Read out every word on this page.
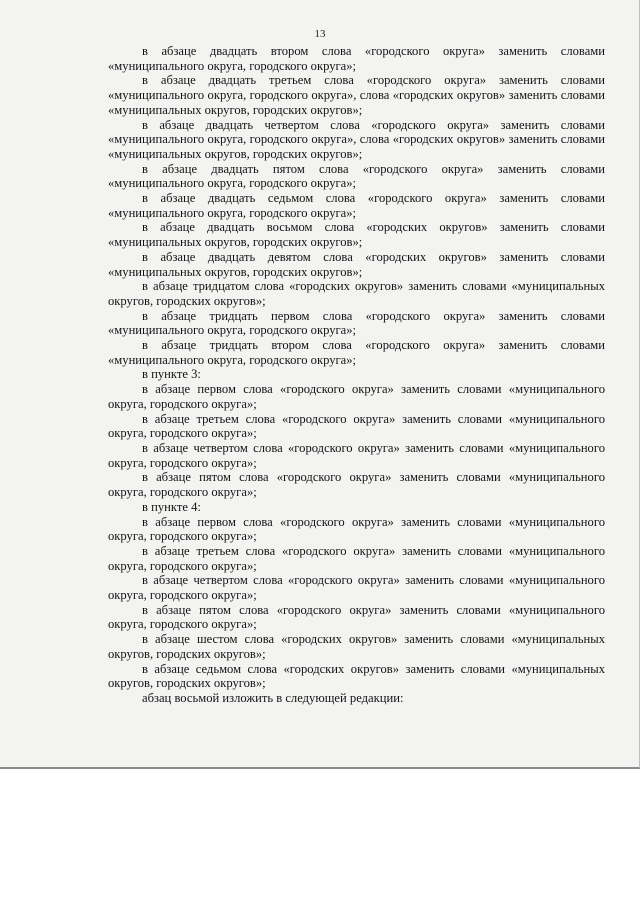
13

в абзаце двадцать втором слова «городского округа» заменить словами «муниципального округа, городского округа»;

в абзаце двадцать третьем слова «городского округа» заменить словами «муниципального округа, городского округа», слова «городских округов» заменить словами «муниципальных округов, городских округов»;

в абзаце двадцать четвертом слова «городского округа» заменить словами «муниципального округа, городского округа», слова «городских округов» заменить словами «муниципальных округов, городских округов»;

в абзаце двадцать пятом слова «городского округа» заменить словами «муниципального округа, городского округа»;

в абзаце двадцать седьмом слова «городского округа» заменить словами «муниципального округа, городского округа»;

в абзаце двадцать восьмом слова «городских округов» заменить словами «муниципальных округов, городских округов»;

в абзаце двадцать девятом слова «городских округов» заменить словами «муниципальных округов, городских округов»;

в абзаце тридцатом слова «городских округов» заменить словами «муниципальных округов, городских округов»;

в абзаце тридцать первом слова «городского округа» заменить словами «муниципального округа, городского округа»;

в абзаце тридцать втором слова «городского округа» заменить словами «муниципального округа, городского округа»;

в пункте 3:

в абзаце первом слова «городского округа» заменить словами «муниципального округа, городского округа»;

в абзаце третьем слова «городского округа» заменить словами «муниципального округа, городского округа»;

в абзаце четвертом слова «городского округа» заменить словами «муниципального округа, городского округа»;

в абзаце пятом слова «городского округа» заменить словами «муниципального округа, городского округа»;

в пункте 4:

в абзаце первом слова «городского округа» заменить словами «муниципального округа, городского округа»;

в абзаце третьем слова «городского округа» заменить словами «муниципального округа, городского округа»;

в абзаце четвертом слова «городского округа» заменить словами «муниципального округа, городского округа»;

в абзаце пятом слова «городского округа» заменить словами «муниципального округа, городского округа»;

в абзаце шестом слова «городских округов» заменить словами «муниципальных округов, городских округов»;

в абзаце седьмом слова «городских округов» заменить словами «муниципальных округов, городских округов»;

абзац восьмой изложить в следующей редакции:
